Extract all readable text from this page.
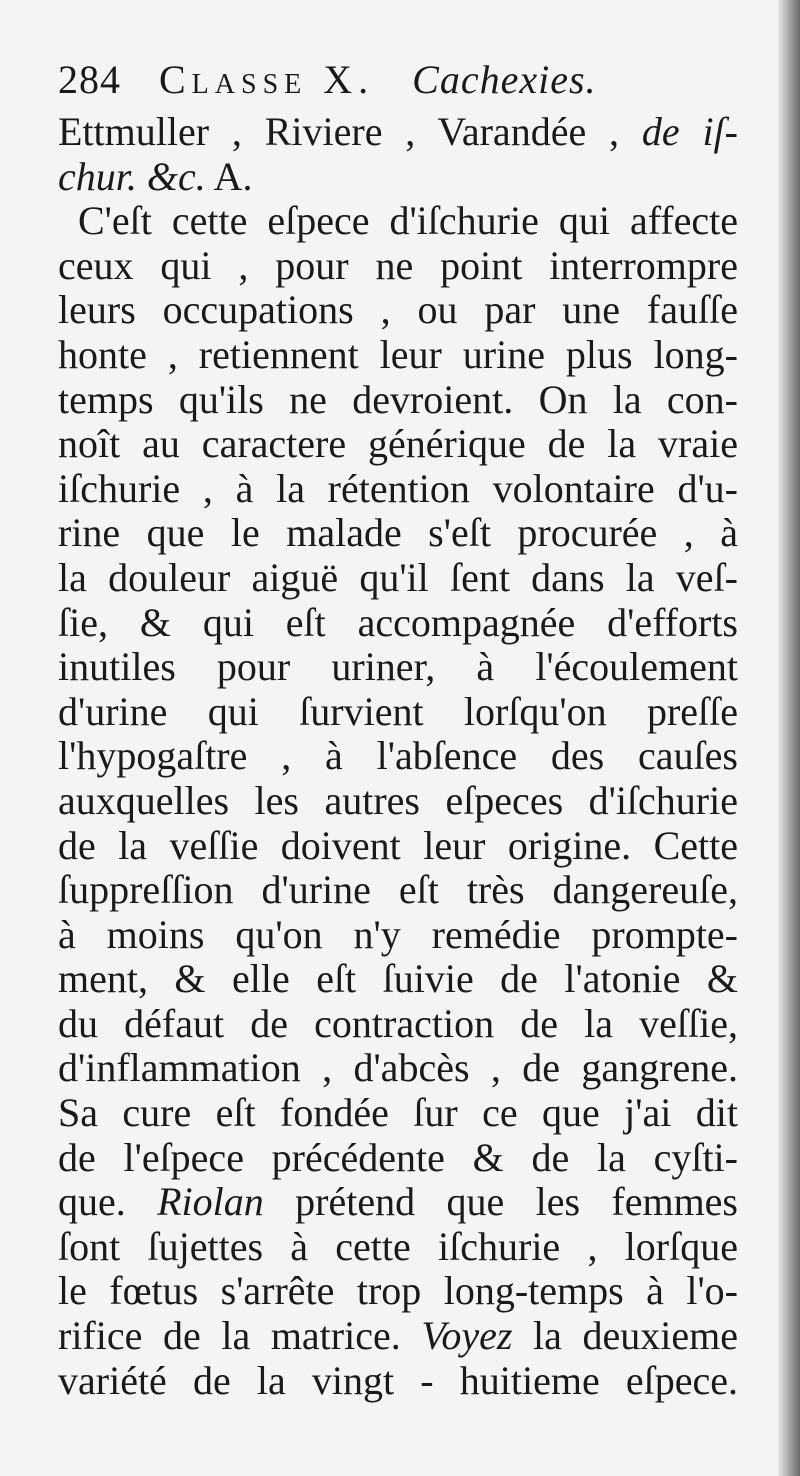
284 Classe X. Cachexies.
Ettmuller , Riviere , Varandée , de iſ-
chur. &c. A.
C'eſt cette eſpece d'iſchurie qui affecte
ceux qui , pour ne point interrompre
leurs occupations , ou par une fauſſe
honte , retiennent leur urine plus long-
temps qu'ils ne devroient. On la con-
noît au caractere générique de la vraie
iſchurie , à la rétention volontaire d'u-
rine que le malade s'eſt procurée , à
la douleur aiguë qu'il ſent dans la veſ-
ſie, & qui eſt accompagnée d'efforts
inutiles pour uriner, à l'écoulement
d'urine qui ſurvient lorſqu'on preſſe
l'hypogaſtre , à l'abſence des cauſes
auxquelles les autres eſpeces d'iſchurie
de la veſſie doivent leur origine. Cette
ſuppreſſion d'urine eſt très dangereuſe,
à moins qu'on n'y remédie prompte-
ment, & elle eſt ſuivie de l'atonie &
du défaut de contraction de la veſſie,
d'inflammation , d'abcès , de gangrene.
Sa cure eſt fondée ſur ce que j'ai dit
de l'eſpece précédente & de la cyſti-
que. Riolan prétend que les femmes
ſont ſujettes à cette iſchurie , lorſque
le fœtus s'arrête trop long-temps à l'o-
rifice de la matrice. Voyez la deuxieme
variété de la vingt - huitieme eſpece.
